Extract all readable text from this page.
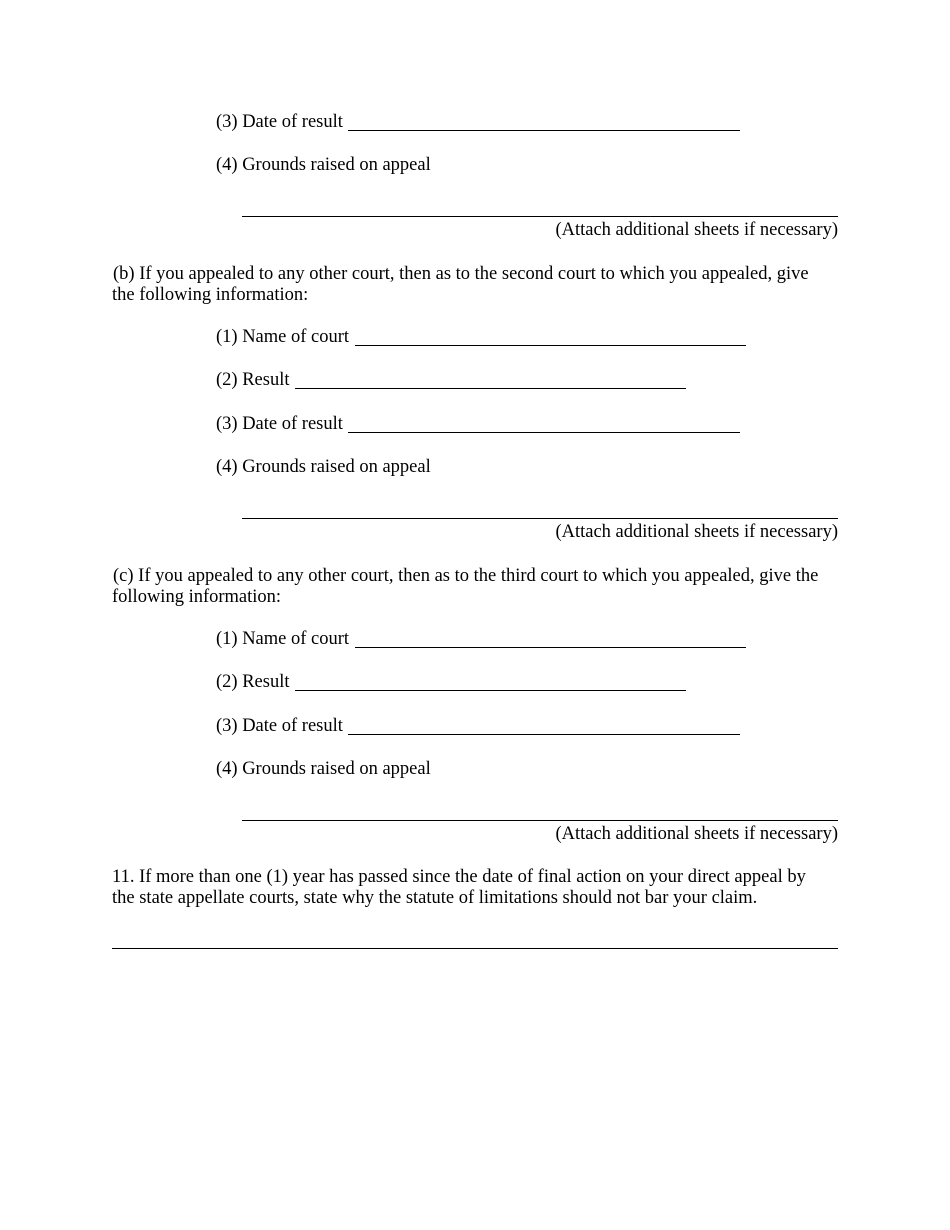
(3) Date of result
(4) Grounds raised on appeal
(Attach additional sheets if necessary)
(b) If you appealed to any other court, then as to the second court to which you appealed, give
the following information:
(1) Name of court
(2) Result
(3) Date of result
(4) Grounds raised on appeal
(Attach additional sheets if necessary)
(c) If you appealed to any other court, then as to the third court to which you appealed, give the
following information:
(1) Name of court
(2) Result
(3) Date of result
(4) Grounds raised on appeal
(Attach additional sheets if necessary)
11. If more than one (1) year has passed since the date of final action on your direct appeal by
the state appellate courts, state why the statute of limitations should not bar your claim.
